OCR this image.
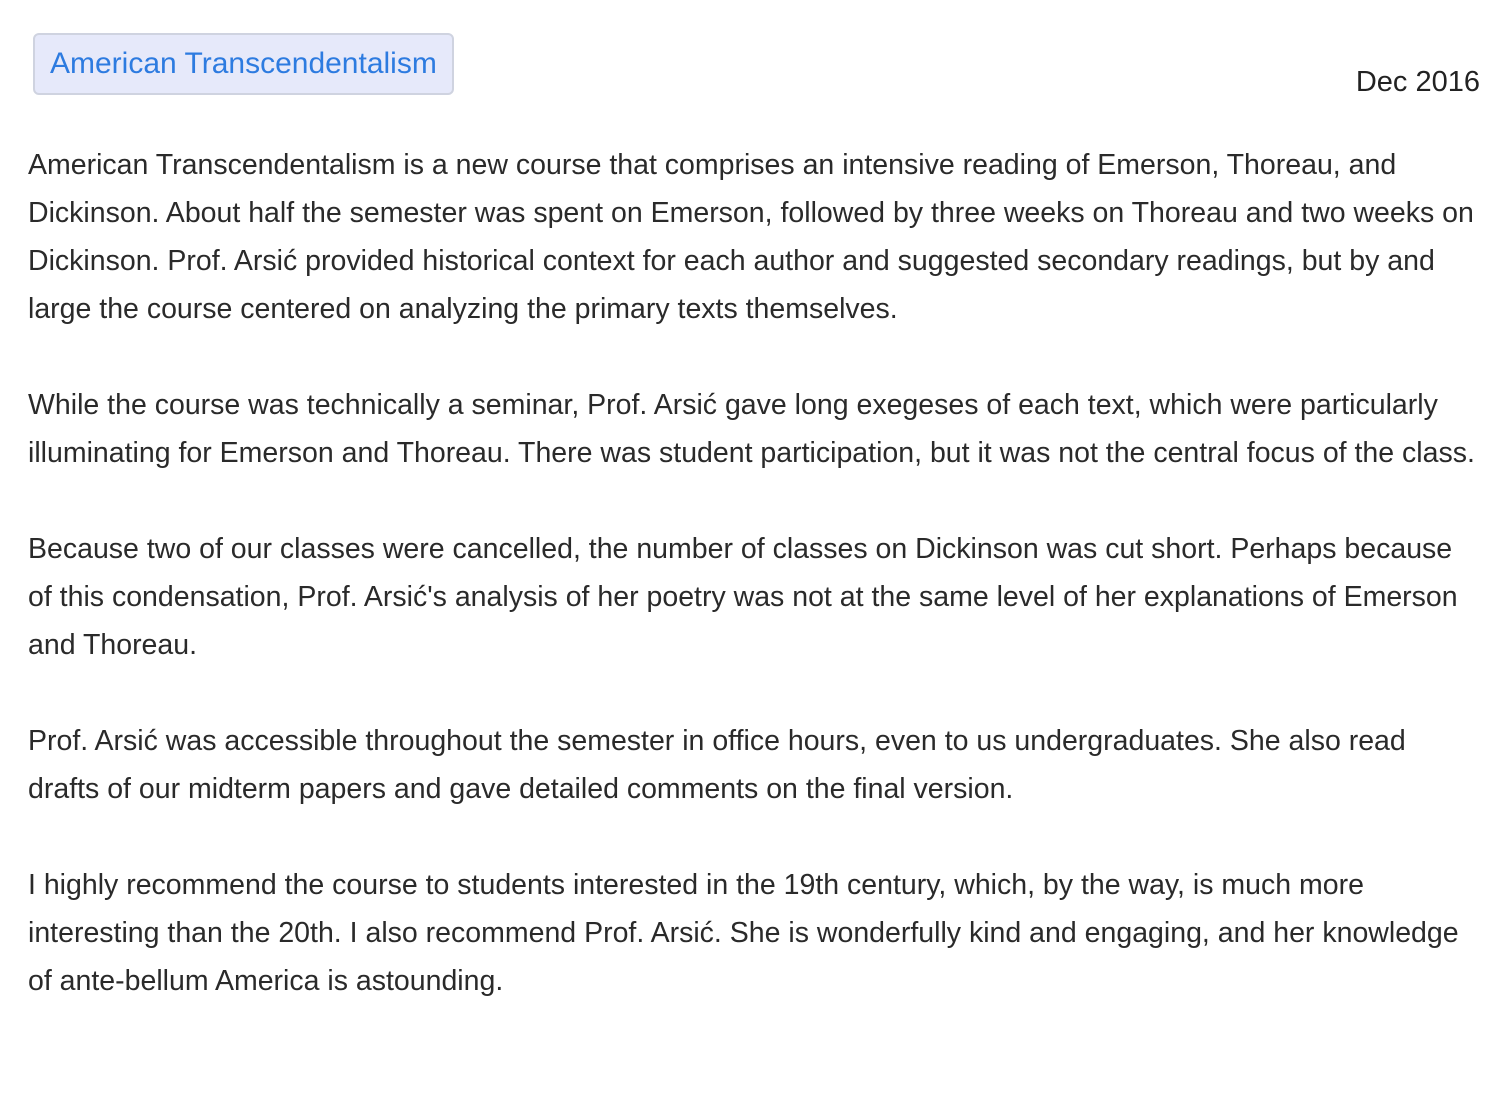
American Transcendentalism
Dec 2016

American Transcendentalism is a new course that comprises an intensive reading of Emerson, Thoreau, and Dickinson. About half the semester was spent on Emerson, followed by three weeks on Thoreau and two weeks on Dickinson. Prof. Arsić provided historical context for each author and suggested secondary readings, but by and large the course centered on analyzing the primary texts themselves.

While the course was technically a seminar, Prof. Arsić gave long exegeses of each text, which were particularly illuminating for Emerson and Thoreau. There was student participation, but it was not the central focus of the class.

Because two of our classes were cancelled, the number of classes on Dickinson was cut short. Perhaps because of this condensation, Prof. Arsić's analysis of her poetry was not at the same level of her explanations of Emerson and Thoreau.

Prof. Arsić was accessible throughout the semester in office hours, even to us undergraduates. She also read drafts of our midterm papers and gave detailed comments on the final version.

I highly recommend the course to students interested in the 19th century, which, by the way, is much more interesting than the 20th. I also recommend Prof. Arsić. She is wonderfully kind and engaging, and her knowledge of ante-bellum America is astounding.
